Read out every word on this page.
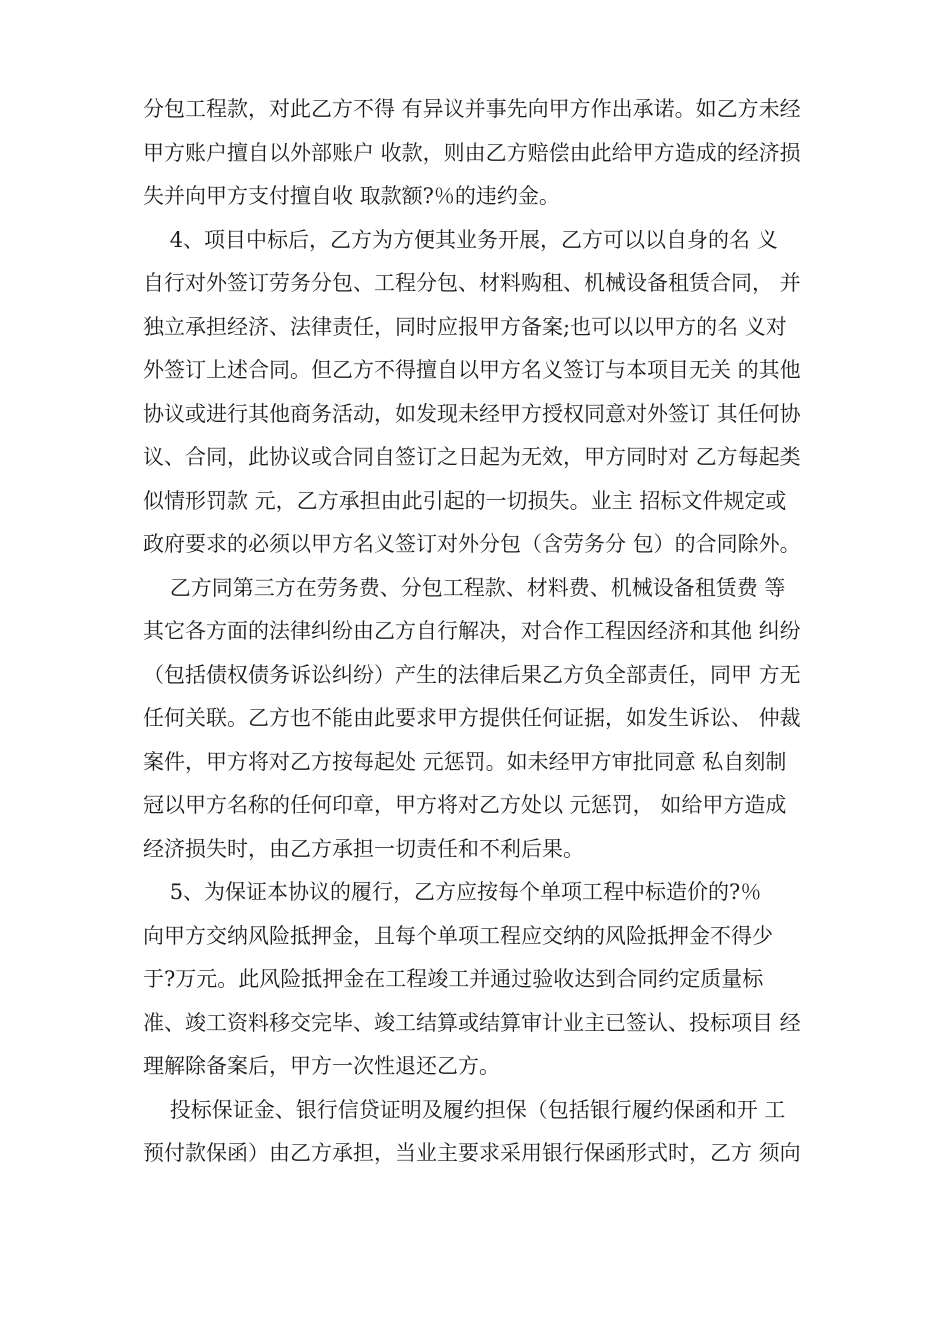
分包工程款，对此乙方不得 有异议并事先向甲方作出承诺。如乙方未经
甲方账户擅自以外部账户 收款，则由乙方赔偿由此给甲方造成的经济损
失并向甲方支付擅自收 取款额?％的违约金。
4、项目中标后，乙方为方便其业务开展，乙方可以以自身的名 义
自行对外签订劳务分包、工程分包、材料购租、机械设备租赁合同， 并
独立承担经济、法律责任，同时应报甲方备案;也可以以甲方的名 义对
外签订上述合同。但乙方不得擅自以甲方名义签订与本项目无关 的其他
协议或进行其他商务活动，如发现未经甲方授权同意对外签订 其任何协
议、合同，此协议或合同自签订之日起为无效，甲方同时对 乙方每起类
似情形罚款 元，乙方承担由此引起的一切损失。业主 招标文件规定或
政府要求的必须以甲方名义签订对外分包（含劳务分 包）的合同除外。
乙方同第三方在劳务费、分包工程款、材料费、机械设备租赁费 等
其它各方面的法律纠纷由乙方自行解决，对合作工程因经济和其他 纠纷
（包括债权债务诉讼纠纷）产生的法律后果乙方负全部责任，同甲 方无
任何关联。乙方也不能由此要求甲方提供任何证据，如发生诉讼、 仲裁
案件，甲方将对乙方按每起处 元惩罚。如未经甲方审批同意 私自刻制
冠以甲方名称的任何印章，甲方将对乙方处以 元惩罚， 如给甲方造成
经济损失时，由乙方承担一切责任和不利后果。
5、为保证本协议的履行，乙方应按每个单项工程中标造价的?％
向甲方交纳风险抵押金，且每个单项工程应交纳的风险抵押金不得少
于?万元。此风险抵押金在工程竣工并通过验收达到合同约定质量标
准、竣工资料移交完毕、竣工结算或结算审计业主已签认、投标项目 经
理解除备案后，甲方一次性退还乙方。
投标保证金、银行信贷证明及履约担保（包括银行履约保函和开 工
预付款保函）由乙方承担，当业主要求采用银行保函形式时，乙方 须向
